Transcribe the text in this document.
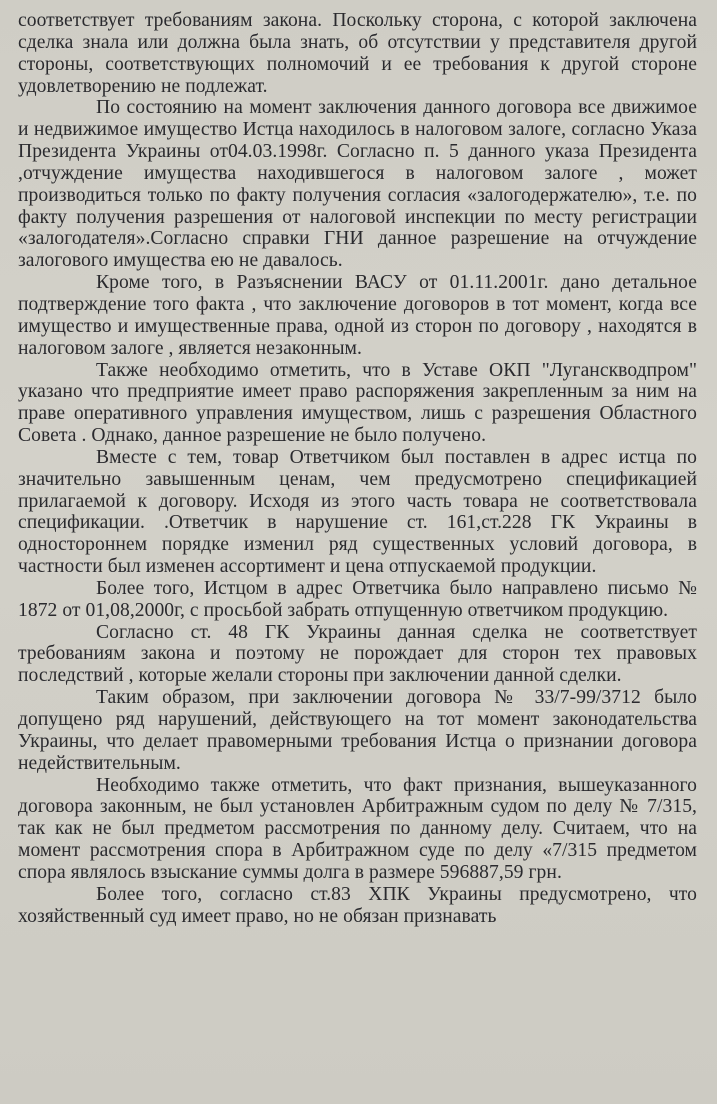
соответствует требованиям закона. Поскольку сторона, с которой заключена сделка знала или должна была знать, об отсутствии у представителя другой стороны, соответствующих полномочий и ее требования к другой стороне удовлетворению не подлежат.

По состоянию на момент заключения данного договора все движимое и недвижимое имущество Истца находилось в налоговом залоге, согласно Указа Президента Украины от04.03.1998г. Согласно п. 5 данного указа Президента ,отчуждение имущества находившегося в налоговом залоге , может производиться только по факту получения согласия «залогодержателю», т.е. по факту получения разрешения от налоговой инспекции по месту регистрации «залогодателя».Согласно справки ГНИ данное разрешение на отчуждение залогового имущества ею не давалось.

Кроме того, в Разъяснении ВАСУ от 01.11.2001г. дано детальное подтверждение того факта , что заключение договоров в тот момент, когда все имущество и имущественные права, одной из сторон по договору , находятся в налоговом залоге , является незаконным.

Также необходимо отметить, что в Уставе ОКП "Луганскводпром" указано что предприятие имеет право распоряжения закрепленным за ним на праве оперативного управления имуществом, лишь с разрешения Областного Совета . Однако, данное разрешение не было получено.

Вместе с тем, товар Ответчиком был поставлен в адрес истца по значительно завышенным ценам, чем предусмотрено спецификацией прилагаемой к договору. Исходя из этого часть товара не соответствовала спецификации. .Ответчик в нарушение ст. 161,ст.228 ГК Украины в одностороннем порядке изменил ряд существенных условий договора, в частности был изменен ассортимент и цена отпускаемой продукции.

Более того, Истцом в адрес Ответчика было направлено письмо № 1872 от 01,08,2000г, с просьбой забрать отпущенную ответчиком продукцию.

Согласно ст. 48 ГК Украины данная сделка не соответствует требованиям закона и поэтому не порождает для сторон тех правовых последствий , которые желали стороны при заключении данной сделки.

Таким образом, при заключении договора № 33/7-99/3712 было допущено ряд нарушений, действующего на тот момент законодательства Украины, что делает правомерными требования Истца о признании договора недействительным.

Необходимо также отметить, что факт признания, вышеуказанного договора законным, не был установлен Арбитражным судом по делу № 7/315, так как не был предметом рассмотрения по данному делу. Считаем, что на момент рассмотрения спора в Арбитражном суде по делу «7/315 предметом спора являлось взыскание суммы долга в размере 596887,59 грн.

Более того, согласно ст.83 ХПК Украины предусмотрено, что хозяйственный суд имеет право, но не обязан признавать
